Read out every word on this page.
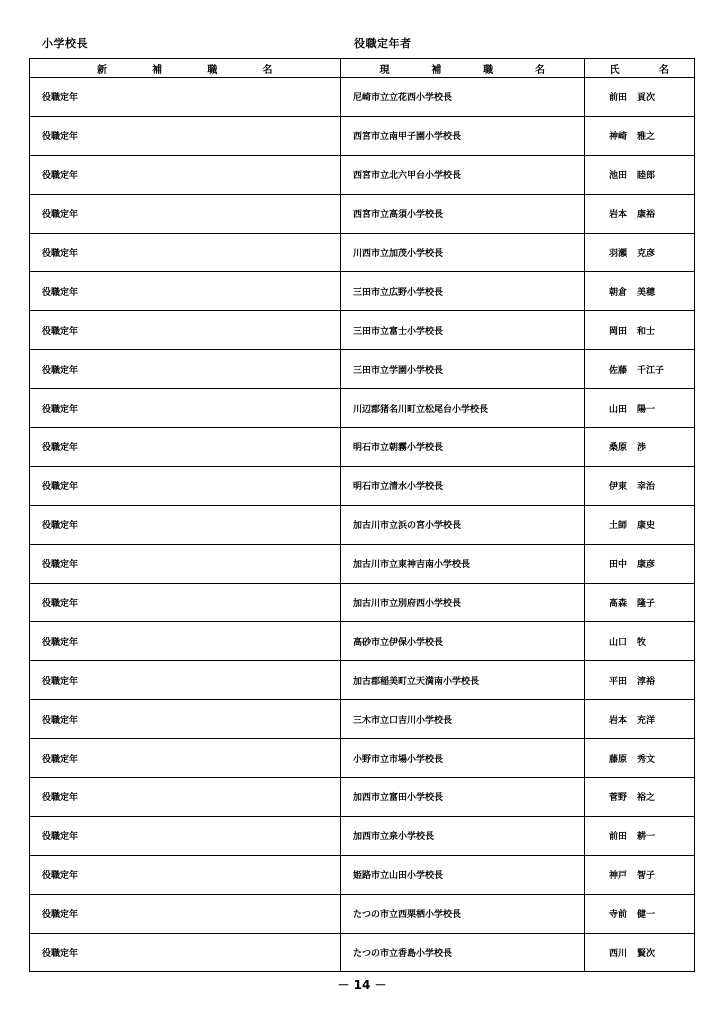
小学校長	役職定年者
新 補 職 名	現 補 職 名	氏 名

役職定年	尼崎市立立花西小学校長	前田 貢次

役職定年	西宮市立南甲子園小学校長	神崎 雅之

役職定年	西宮市立北六甲台小学校長	池田 睦郎

役職定年	西宮市立高須小学校長	岩本 康裕

役職定年	川西市立加茂小学校長	羽瀬 克彦

役職定年	三田市立広野小学校長	朝倉 美穂

役職定年	三田市立富士小学校長	岡田 和士

役職定年	三田市立学園小学校長	佐藤 千江子

役職定年	川辺郡猪名川町立松尾台小学校長	山田 陽一

役職定年	明石市立朝霧小学校長	桑原 渉

役職定年	明石市立清水小学校長	伊東 幸治

役職定年	加古川市立浜の宮小学校長	土師 康史

役職定年	加古川市立東神吉南小学校長	田中 康彦

役職定年	加古川市立別府西小学校長	髙森 隆子

役職定年	高砂市立伊保小学校長	山口 牧

役職定年	加古郡稲美町立天満南小学校長	平田 淳裕

役職定年	三木市立口吉川小学校長	岩本 充洋

役職定年	小野市立市場小学校長	藤原 秀文

役職定年	加西市立富田小学校長	菅野 裕之

役職定年	加西市立泉小学校長	前田 耕一

役職定年	姫路市立山田小学校長	神戸 智子

役職定年	たつの市立西栗栖小学校長	寺前 健一

役職定年	たつの市立香島小学校長	西川 賢次
－ 14 －
